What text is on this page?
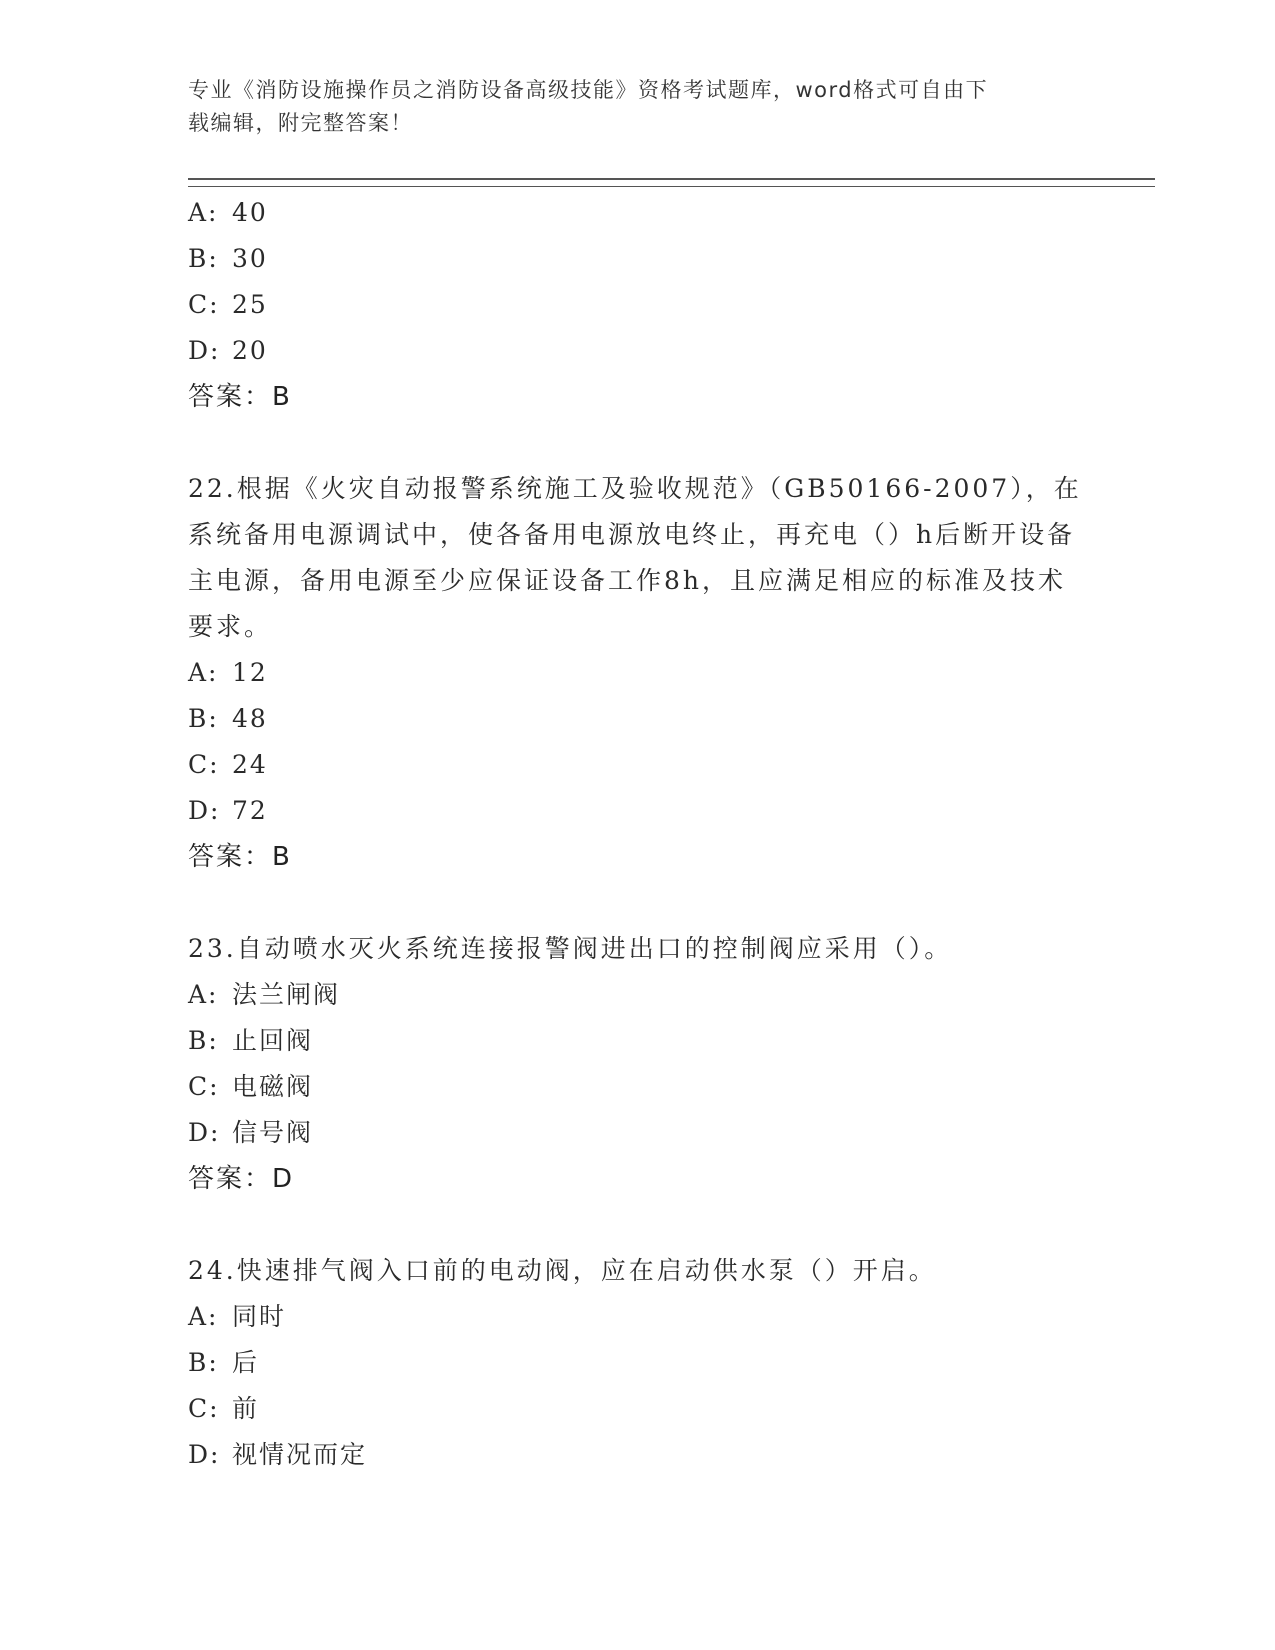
专业《消防设施操作员之消防设备高级技能》资格考试题库，word格式可自由下
载编辑，附完整答案！
A: 40
B: 30
C: 25
D: 20
答案：B

22.根据《火灾自动报警系统施工及验收规范》（GB50166-2007），在系统备用电源调试中，使各备用电源放电终止，再充电（）h后断开设备主电源，备用电源至少应保证设备工作8h，且应满足相应的标准及技术要求。

A: 12
B: 48
C: 24
D: 72
答案：B

23.自动喷水灭火系统连接报警阀进出口的控制阀应采用（）。

A: 法兰闸阀
B: 止回阀
C: 电磁阀
D: 信号阀
答案：D

24.快速排气阀入口前的电动阀，应在启动供水泵（）开启。

A: 同时
B: 后
C: 前
D: 视情况而定
